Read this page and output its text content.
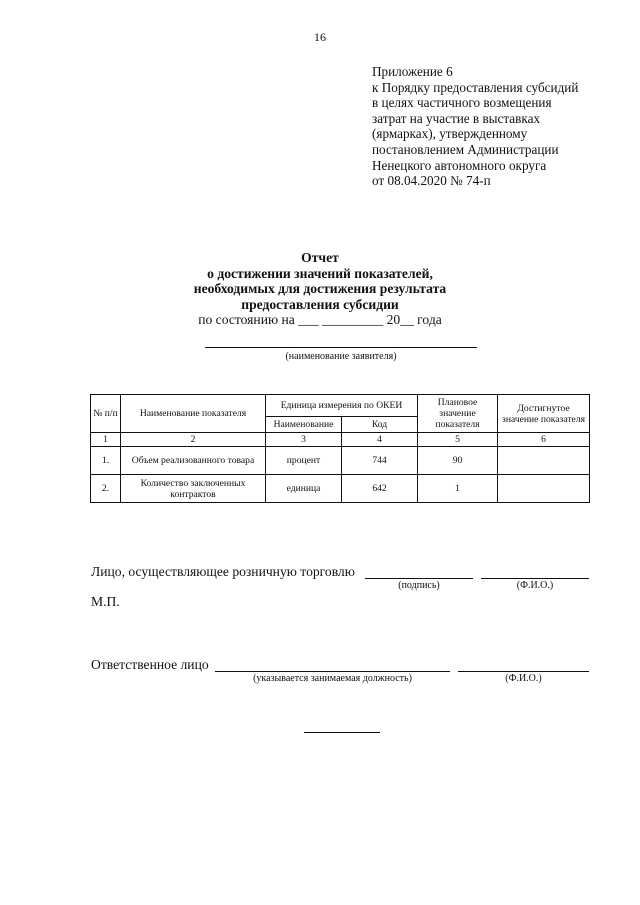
16
Приложение 6
к Порядку предоставления субсидий
в целях частичного возмещения
затрат на участие в выставках
(ярмарках), утвержденному
постановлением Администрации
Ненецкого автономного округа
от 08.04.2020 № 74-п
Отчет
о достижении значений показателей,
необходимых для достижения результата
предоставления субсидии
по состоянию на ___ _________ 20__ года
(наименование заявителя)
№ п/п	Наименование показателя	Единица измерения по ОКЕИ		Плановое значение показателя	Достигнутое значение показателя
		Наименование	Код		
1	2	3	4	5	6
1.	Объем реализованного товара	процент	744	90	
2.	Количество заключенных контрактов	единица	642	1	
Лицо, осуществляющее розничную торговлю
(подпись)	(Ф.И.О.)
М.П.
Ответственное лицо
(указывается занимаемая должность)	(Ф.И.О.)
